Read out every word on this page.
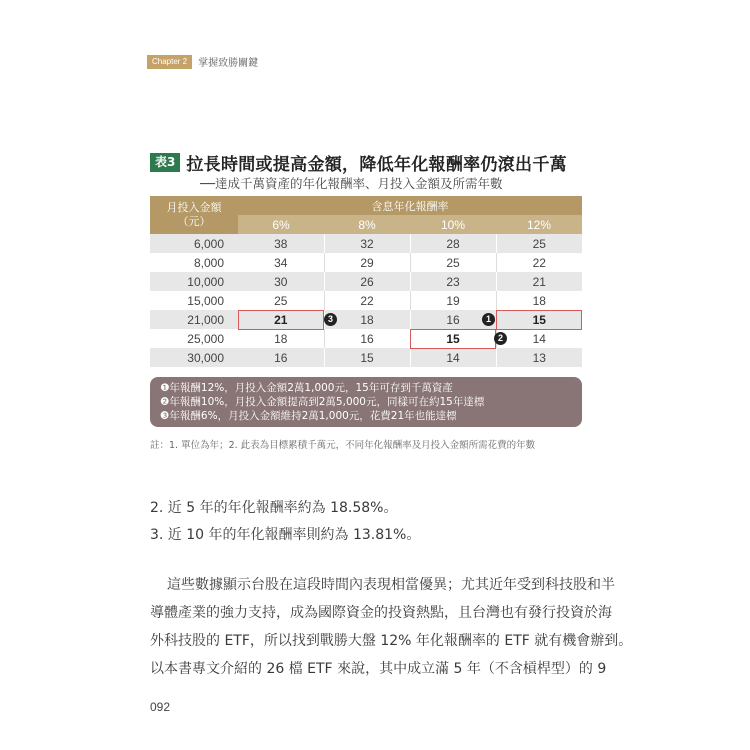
Chapter 2	掌握致勝關鍵
表3 拉長時間或提高金額，降低年化報酬率仍滾出千萬
──達成千萬資產的年化報酬率、月投入金額及所需年數
月投入金額
（元）	含息年化報酬率			
	6%	8%	10%	12%
6,000	38	32	28	25
8,000	34	29	25	22
10,000	30	26	23	21
15,000	25	22	19	18
21,000	21	18	16	15
25,000	18	16	15	14
30,000	16	15	14	13
3	1
2
❶年報酬12%，月投入金額2萬1,000元，15年可存到千萬資產
❷年報酬10%，月投入金額提高到2萬5,000元，同樣可在約15年達標
❸年報酬6%，月投入金額維持2萬1,000元，花費21年也能達標
註：1. 單位為年；2. 此表為目標累積千萬元，不同年化報酬率及月投入金額所需花費的年數
2. 近 5 年的年化報酬率約為 18.58%。
3. 近 10 年的年化報酬率則約為 13.81%。
這些數據顯示台股在這段時間內表現相當優異；尤其近年受到科技股和半
導體產業的強力支持，成為國際資金的投資熱點，且台灣也有發行投資於海
外科技股的 ETF，所以找到戰勝大盤 12% 年化報酬率的 ETF 就有機會辦到。
以本書專文介紹的 26 檔 ETF 來說，其中成立滿 5 年（不含槓桿型）的 9
092
